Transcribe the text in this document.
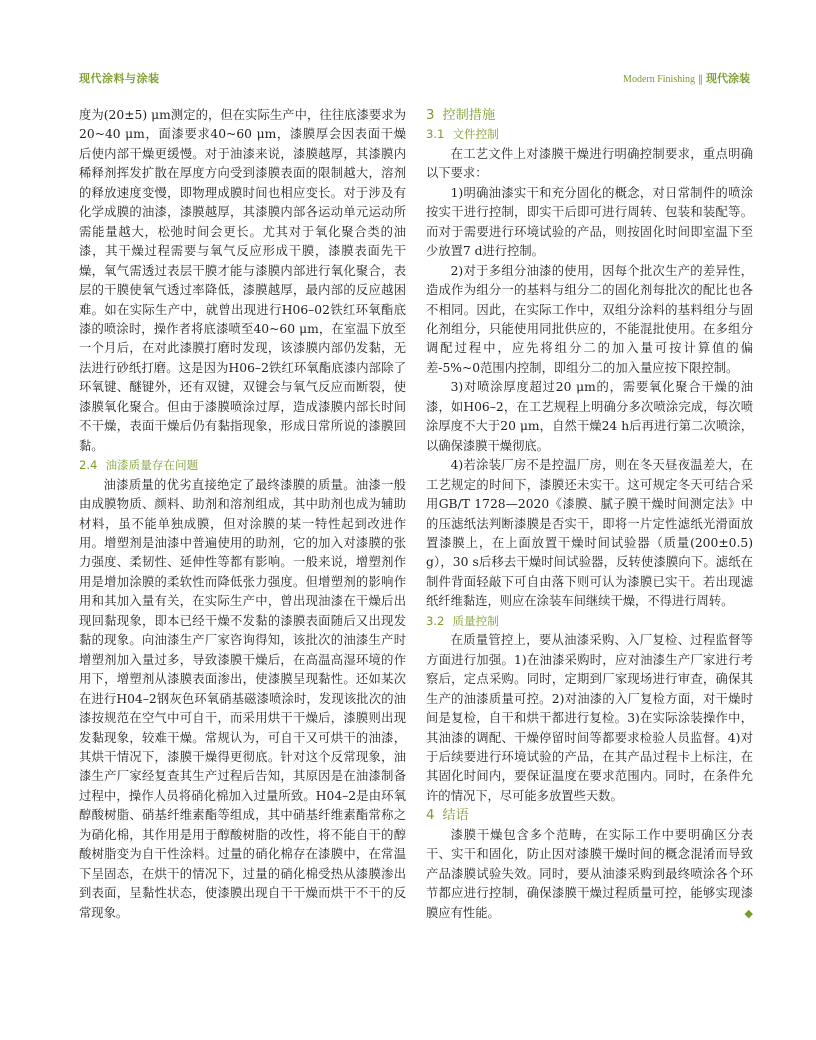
现代涂料与涂装	Modern Finishing ‖ 现代涂装

度为(20±5) μm测定的，但在实际生产中，往往底漆要求为20~40 μm，面漆要求40~60 μm，漆膜厚会因表面干燥后使内部干燥更缓慢。对于油漆来说，漆膜越厚，其漆膜内稀释剂挥发扩散在厚度方向受到漆膜表面的限制越大，溶剂的释放速度变慢，即物理成膜时间也相应变长。对于涉及有化学成膜的油漆，漆膜越厚，其漆膜内部各运动单元运动所需能量越大，松弛时间会更长。尤其对于氧化聚合类的油漆，其干燥过程需要与氧气反应形成干膜，漆膜表面先干燥，氧气需透过表层干膜才能与漆膜内部进行氧化聚合，表层的干膜使氧气透过率降低，漆膜越厚，最内部的反应越困难。如在实际生产中，就曾出现进行H06–02铁红环氧酯底漆的喷涂时，操作者将底漆喷至40~60 μm，在室温下放至一个月后，在对此漆膜打磨时发现，该漆膜内部仍发黏，无法进行砂纸打磨。这是因为H06–2铁红环氧酯底漆内部除了环氧键、醚键外，还有双键，双键会与氧气反应而断裂，使漆膜氧化聚合。但由于漆膜喷涂过厚，造成漆膜内部长时间不干燥，表面干燥后仍有黏指现象，形成日常所说的漆膜回黏。

2.4 油漆质量存在问题

油漆质量的优劣直接绝定了最终漆膜的质量。油漆一般由成膜物质、颜料、助剂和溶剂组成，其中助剂也成为辅助材料，虽不能单独成膜，但对涂膜的某一特性起到改进作用。增塑剂是油漆中普遍使用的助剂，它的加入对漆膜的张力强度、柔韧性、延伸性等都有影响。一般来说，增塑剂作用是增加涂膜的柔软性而降低张力强度。但增塑剂的影响作用和其加入量有关，在实际生产中，曾出现油漆在干燥后出现回黏现象，即本已经干燥不发黏的漆膜表面随后又出现发黏的现象。向油漆生产厂家咨询得知，该批次的油漆生产时增塑剂加入量过多，导致漆膜干燥后，在高温高湿环境的作用下，增塑剂从漆膜表面渗出，使漆膜呈现黏性。还如某次在进行H04–2钢灰色环氧硝基磁漆喷涂时，发现该批次的油漆按规范在空气中可自干，而采用烘干干燥后，漆膜则出现发黏现象，较难干燥。常规认为，可自干又可烘干的油漆，其烘干情况下，漆膜干燥得更彻底。针对这个反常现象，油漆生产厂家经复查其生产过程后告知，其原因是在油漆制备过程中，操作人员将硝化棉加入过量所致。H04–2是由环氧醇酸树脂、硝基纤维素酯等组成，其中硝基纤维素酯常称之为硝化棉，其作用是用于醇酸树脂的改性，将不能自干的醇酸树脂变为自干性涂料。过量的硝化棉存在漆膜中，在常温下呈固态，在烘干的情况下，过量的硝化棉受热从漆膜渗出到表面，呈黏性状态，使漆膜出现自干干燥而烘干不干的反常现象。

3 控制措施
3.1 文件控制

在工艺文件上对漆膜干燥进行明确控制要求，重点明确以下要求：

1)明确油漆实干和充分固化的概念，对日常制件的喷涂按实干进行控制，即实干后即可进行周转、包装和装配等。而对于需要进行环境试验的产品，则按固化时间即室温下至少放置7 d进行控制。

2)对于多组分油漆的使用，因每个批次生产的差异性，造成作为组分一的基料与组分二的固化剂每批次的配比也各不相同。因此，在实际工作中，双组分涂料的基料组分与固化剂组分，只能使用同批供应的，不能混批使用。在多组分调配过程中，应先将组分二的加入量可按计算值的偏差-5%~0范围内控制，即组分二的加入量应按下限控制。

3)对喷涂厚度超过20 μm的，需要氧化聚合干燥的油漆，如H06–2，在工艺规程上明确分多次喷涂完成，每次喷涂厚度不大于20 μm，自然干燥24 h后再进行第二次喷涂，以确保漆膜干燥彻底。

4)若涂装厂房不是控温厂房，则在冬天昼夜温差大，在工艺规定的时间下，漆膜还未实干。这可规定冬天可结合采用GB/T 1728—2020《漆膜、腻子膜干燥时间测定法》中的压滤纸法判断漆膜是否实干，即将一片定性滤纸光滑面放置漆膜上，在上面放置干燥时间试验器（质量(200±0.5) g），30 s后移去干燥时间试验器，反转使漆膜向下。滤纸在制件背面轻敲下可自由落下则可认为漆膜已实干。若出现滤纸纤维黏连，则应在涂装车间继续干燥，不得进行周转。

3.2 质量控制

在质量管控上，要从油漆采购、入厂复检、过程监督等方面进行加强。1)在油漆采购时，应对油漆生产厂家进行考察后，定点采购。同时，定期到厂家现场进行审查，确保其生产的油漆质量可控。2)对油漆的入厂复检方面，对干燥时间是复检，自干和烘干都进行复检。3)在实际涂装操作中，其油漆的调配、干燥停留时间等都要求检验人员监督。4)对于后续要进行环境试验的产品，在其产品过程卡上标注，在其固化时间内，要保证温度在要求范围内。同时，在条件允许的情况下，尽可能多放置些天数。

4 结语

漆膜干燥包含多个范畴，在实际工作中要明确区分表干、实干和固化，防止因对漆膜干燥时间的概念混淆而导致产品漆膜试验失效。同时，要从油漆采购到最终喷涂各个环节都应进行控制，确保漆膜干燥过程质量可控，能够实现漆膜应有性能。	◆
